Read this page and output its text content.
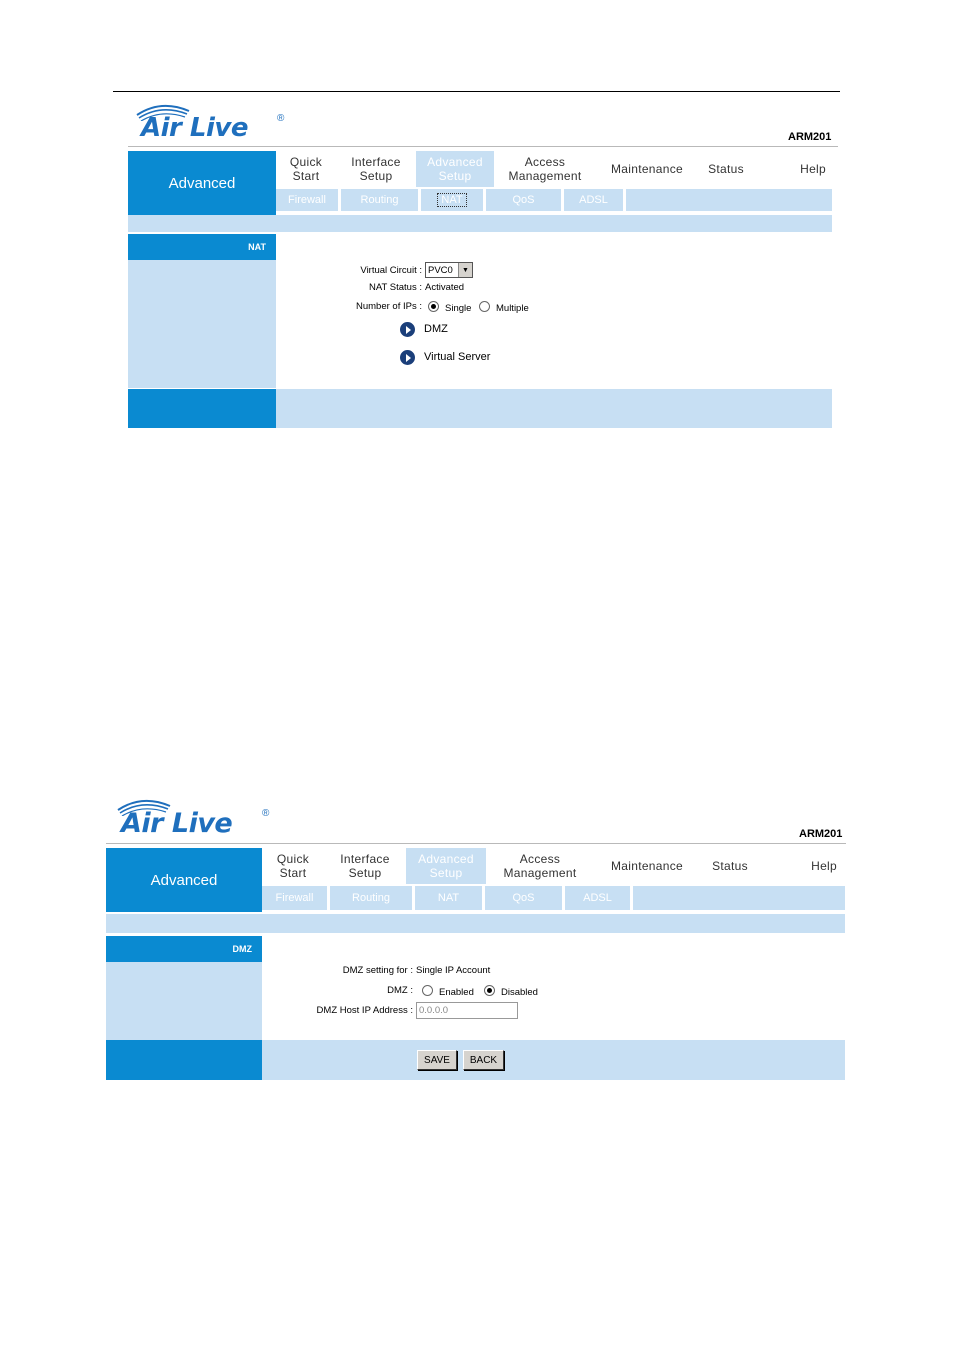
Air Live	®
ARM201
Advanced
Quick
Start
Interface
Setup
Advanced
Setup
Access
Management Maintenance Status	Help
Firewall	Routing	NAT	QoS	ADSL
NAT
Virtual Circuit : PVC0	▼
NAT Status : Activated
Number of IPs : Single	Multiple
DMZ
Virtual Server
Air Live	®
ARM201
Advanced
Quick
Start
Interface
Setup
Advanced
Setup
Access
Management	Maintenance Status	Help
Firewall	Routing	NAT	QoS	ADSL
DMZ
DMZ setting for : Single IP Account
DMZ :	Enabled	Disabled
DMZ Host IP Address : 0.0.0.0
SAVE	BACK
